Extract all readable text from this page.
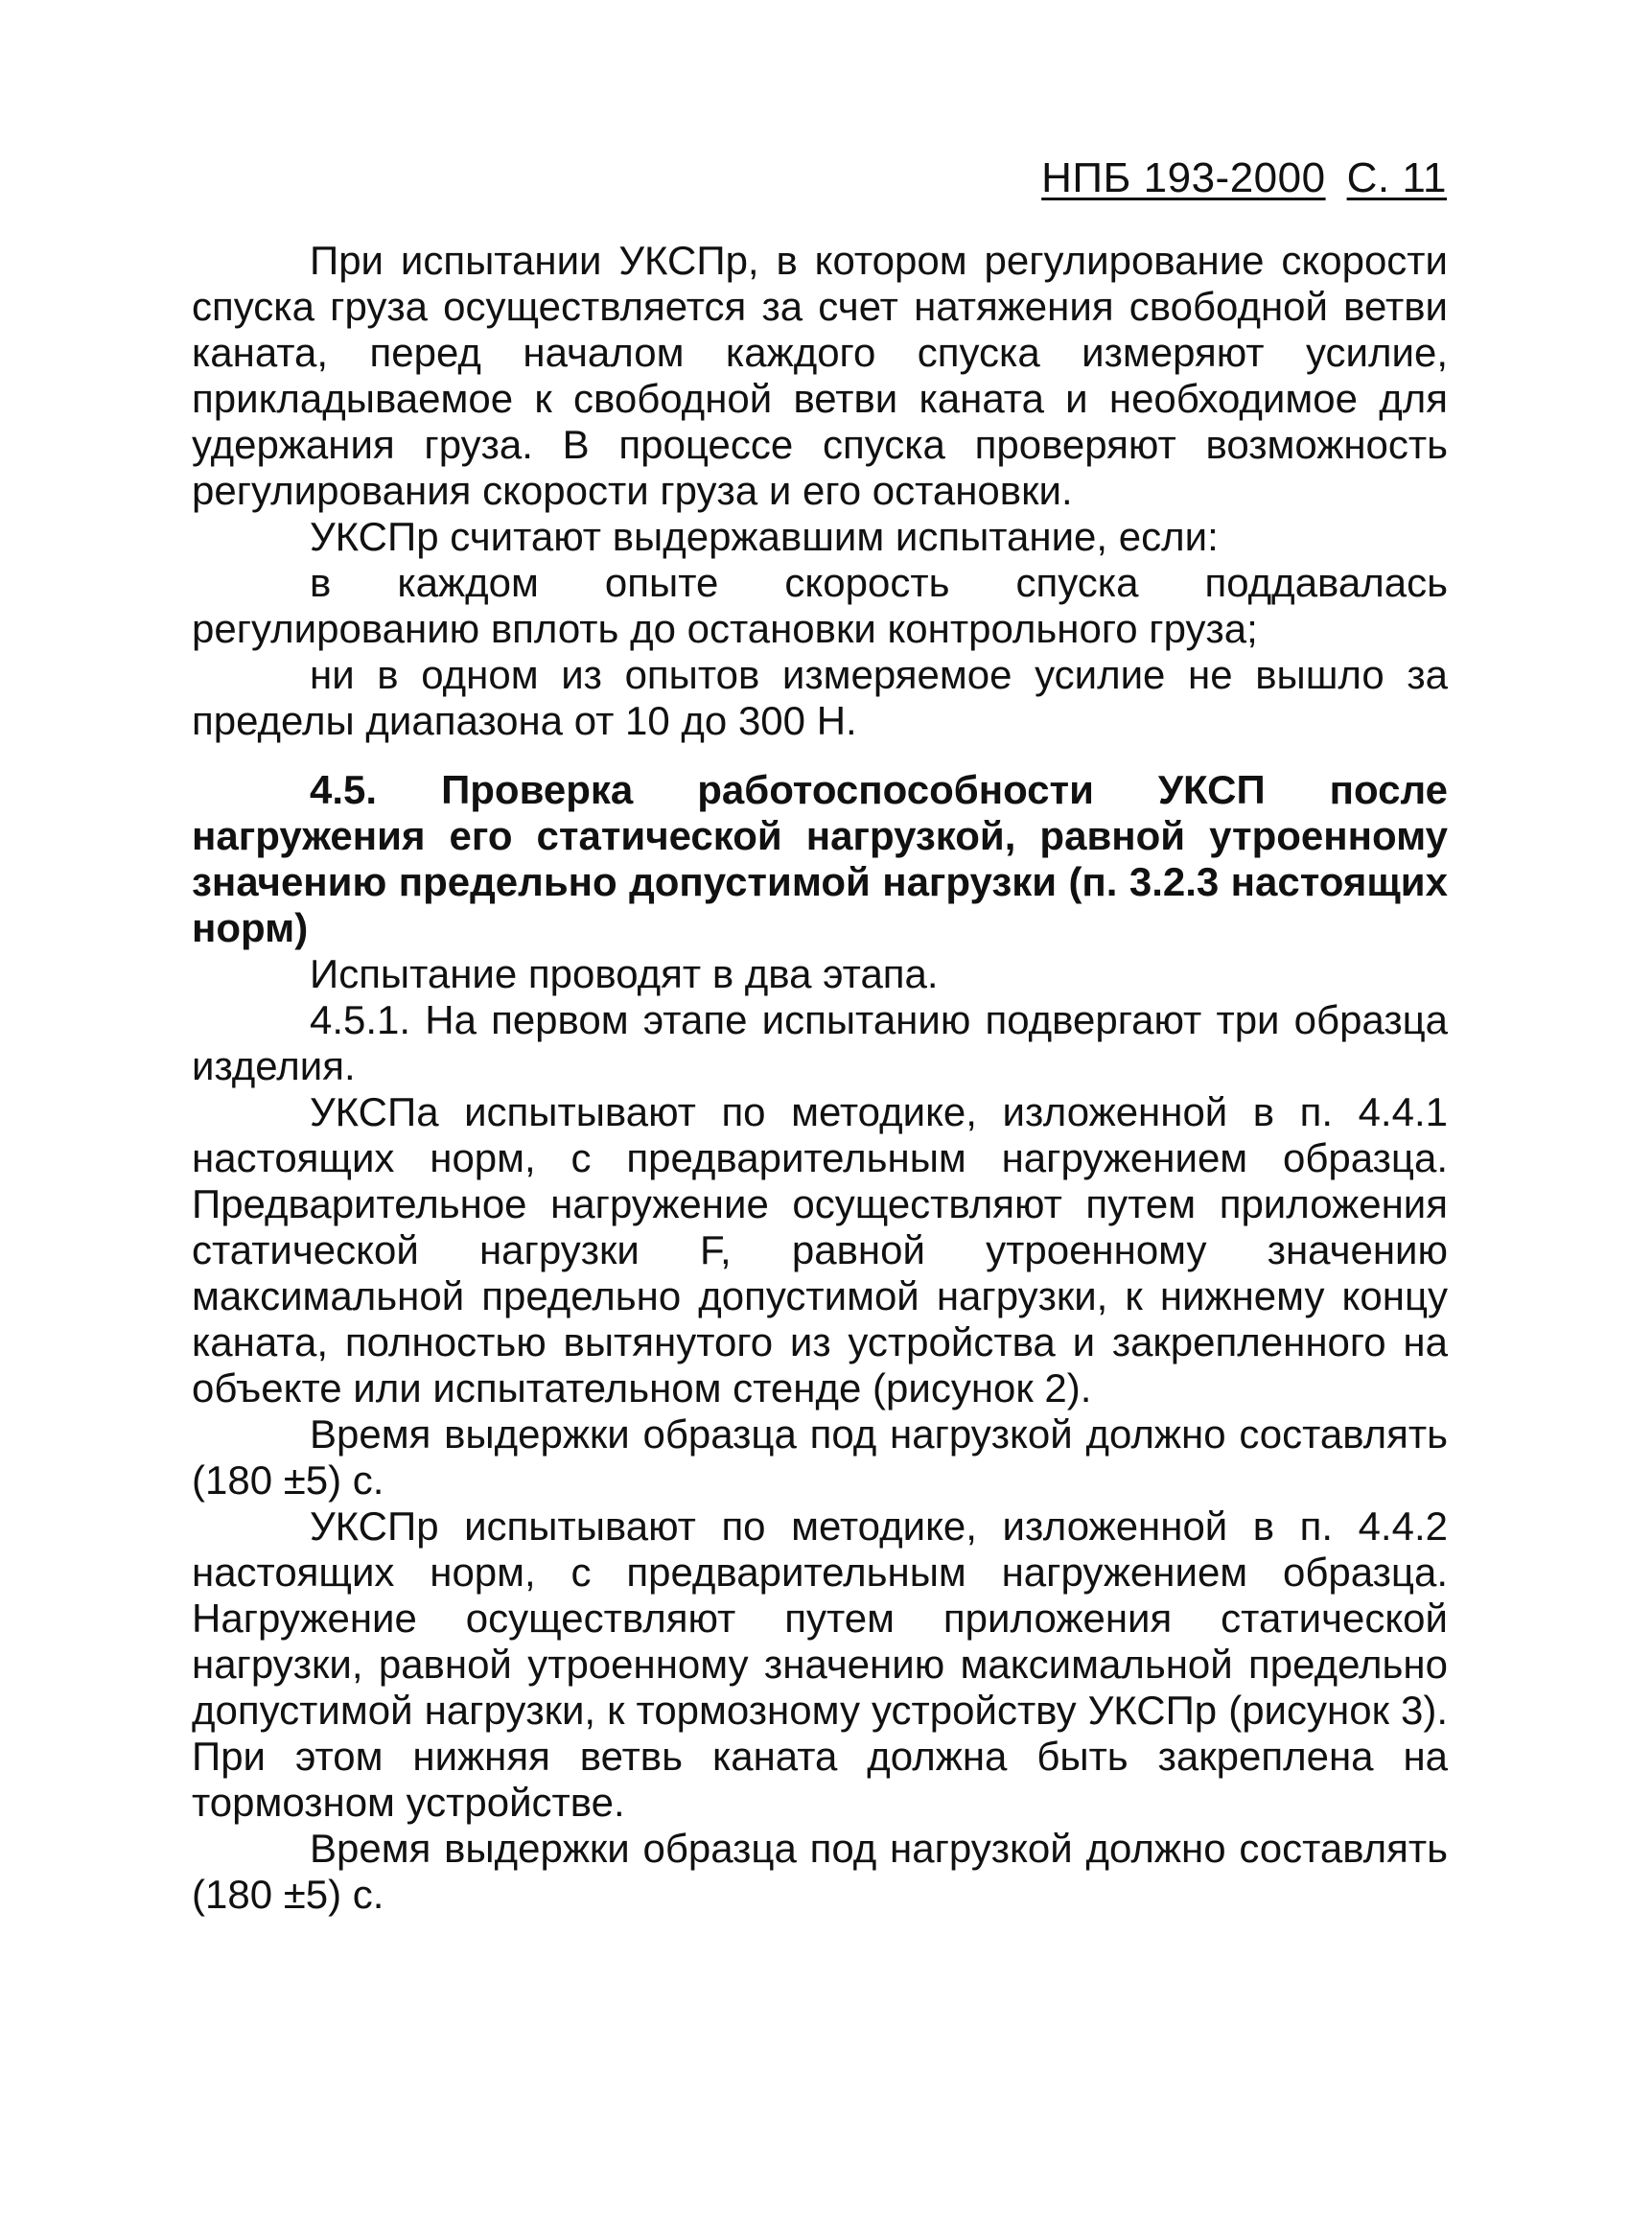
НПБ 193-2000 С. 11

При испытании УКСПр, в котором регулирование скорости спуска груза осуществляется за счет натяжения свободной ветви каната, перед началом каждого спуска измеряют усилие, прикладываемое к свободной ветви каната и необходимое для удержания груза. В процессе спуска проверяют возможность регулирования скорости груза и его остановки.

УКСПр считают выдержавшим испытание, если:

в каждом опыте скорость спуска поддавалась регулированию вплоть до остановки контрольного груза;

ни в одном из опытов измеряемое усилие не вышло за пределы диапазона от 10 до 300 Н.

4.5. Проверка работоспособности УКСП после нагружения его статической нагрузкой, равной утроенному значению предельно допустимой нагрузки (п. 3.2.3 настоящих норм)

Испытание проводят в два этапа.

4.5.1. На первом этапе испытанию подвергают три образца изделия.

УКСПа испытывают по методике, изложенной в п. 4.4.1 настоящих норм, с предварительным нагружением образца. Предварительное нагружение осуществляют путем приложения статической нагрузки F, равной утроенному значению максимальной предельно допустимой нагрузки, к нижнему концу каната, полностью вытянутого из устройства и закрепленного на объекте или испытательном стенде (рисунок 2).

Время выдержки образца под нагрузкой должно составлять (180 ±5) с.

УКСПр испытывают по методике, изложенной в п. 4.4.2 настоящих норм, с предварительным нагружением образца. Нагружение осуществляют путем приложения статической нагрузки, равной утроенному значению максимальной предельно допустимой нагрузки, к тормозному устройству УКСПр (рисунок 3). При этом нижняя ветвь каната должна быть закреплена на тормозном устройстве.

Время выдержки образца под нагрузкой должно составлять (180 ±5) с.
